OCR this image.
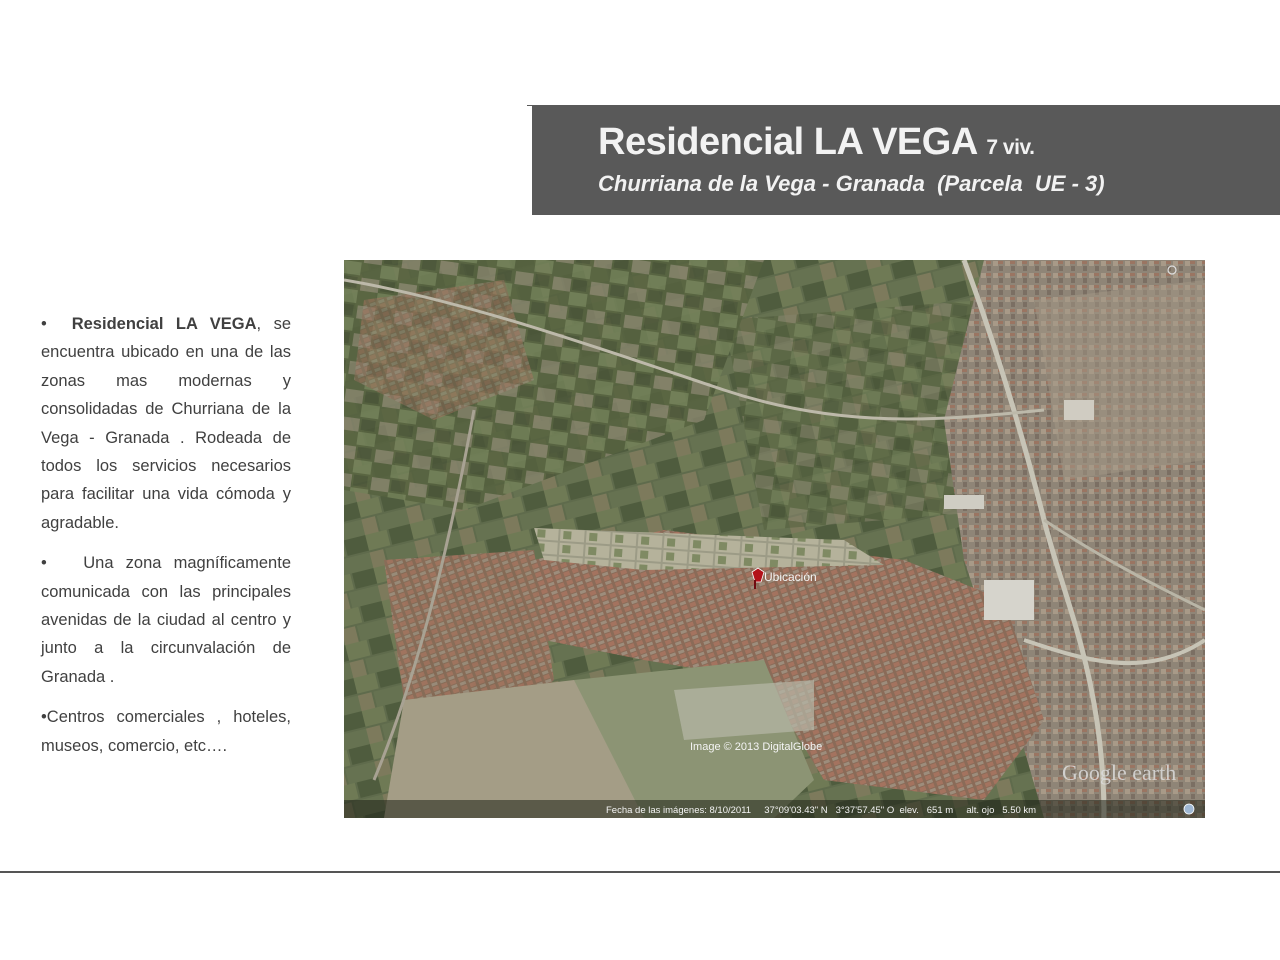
Residencial LA VEGA 7 viv.
Churriana de la Vega - Granada  (Parcela  UE - 3)

•  Residencial LA VEGA, se encuentra ubicado en una de las zonas mas modernas y consolidadas de Churriana de la Vega - Granada . Rodeada de todos los servicios necesarios para facilitar una vida cómoda y agradable.

•   Una zona magníficamente comunicada con las principales avenidas de la ciudad al centro y junto a la circunvalación de Granada .

•Centros comerciales , hoteles, museos, comercio, etc….

Ubicación
Image © 2013 DigitalGlobe
Google earth
Fecha de las imágenes: 8/10/2011     37°09'03.43" N   3°37'57.45" O  elev.   651 m     alt. ojo   5.50 km
